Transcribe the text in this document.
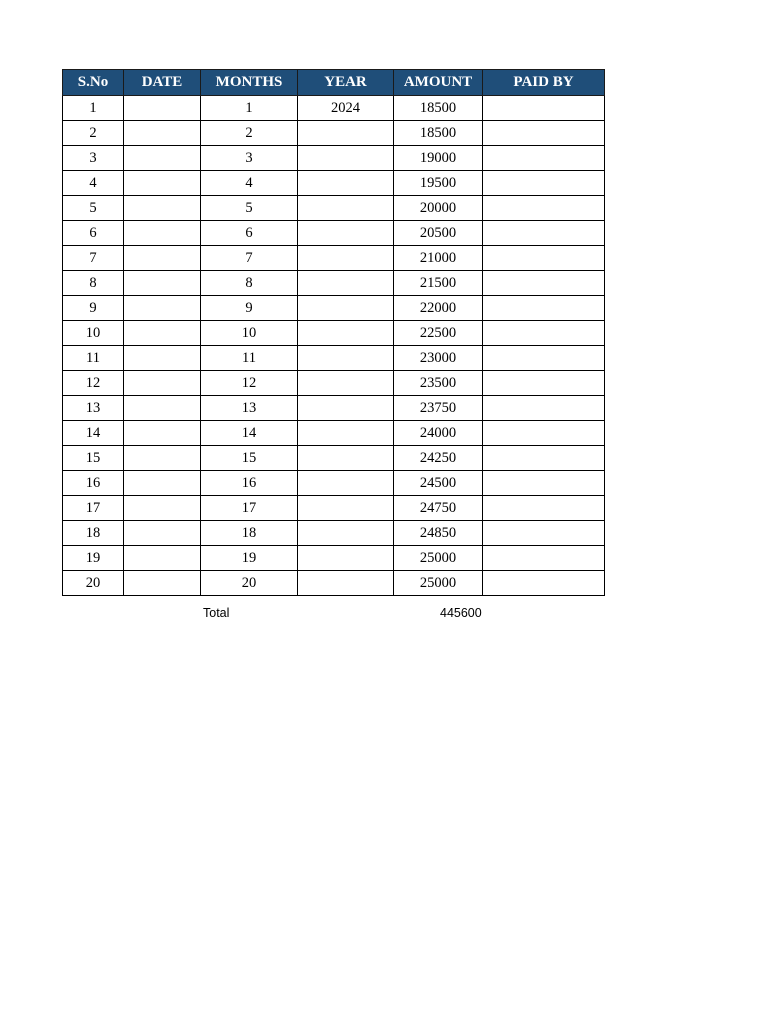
S.No	DATE	MONTHS	YEAR	AMOUNT	PAID BY
1		1	2024	18500	
2		2		18500	
3		3		19000	
4		4		19500	
5		5		20000	
6		6		20500	
7		7		21000	
8		8		21500	
9		9		22000	
10		10		22500	
11		11		23000	
12		12		23500	
13		13		23750	
14		14		24000	
15		15		24250	
16		16		24500	
17		17		24750	
18		18		24850	
19		19		25000	
20		20		25000	
Total	445600
